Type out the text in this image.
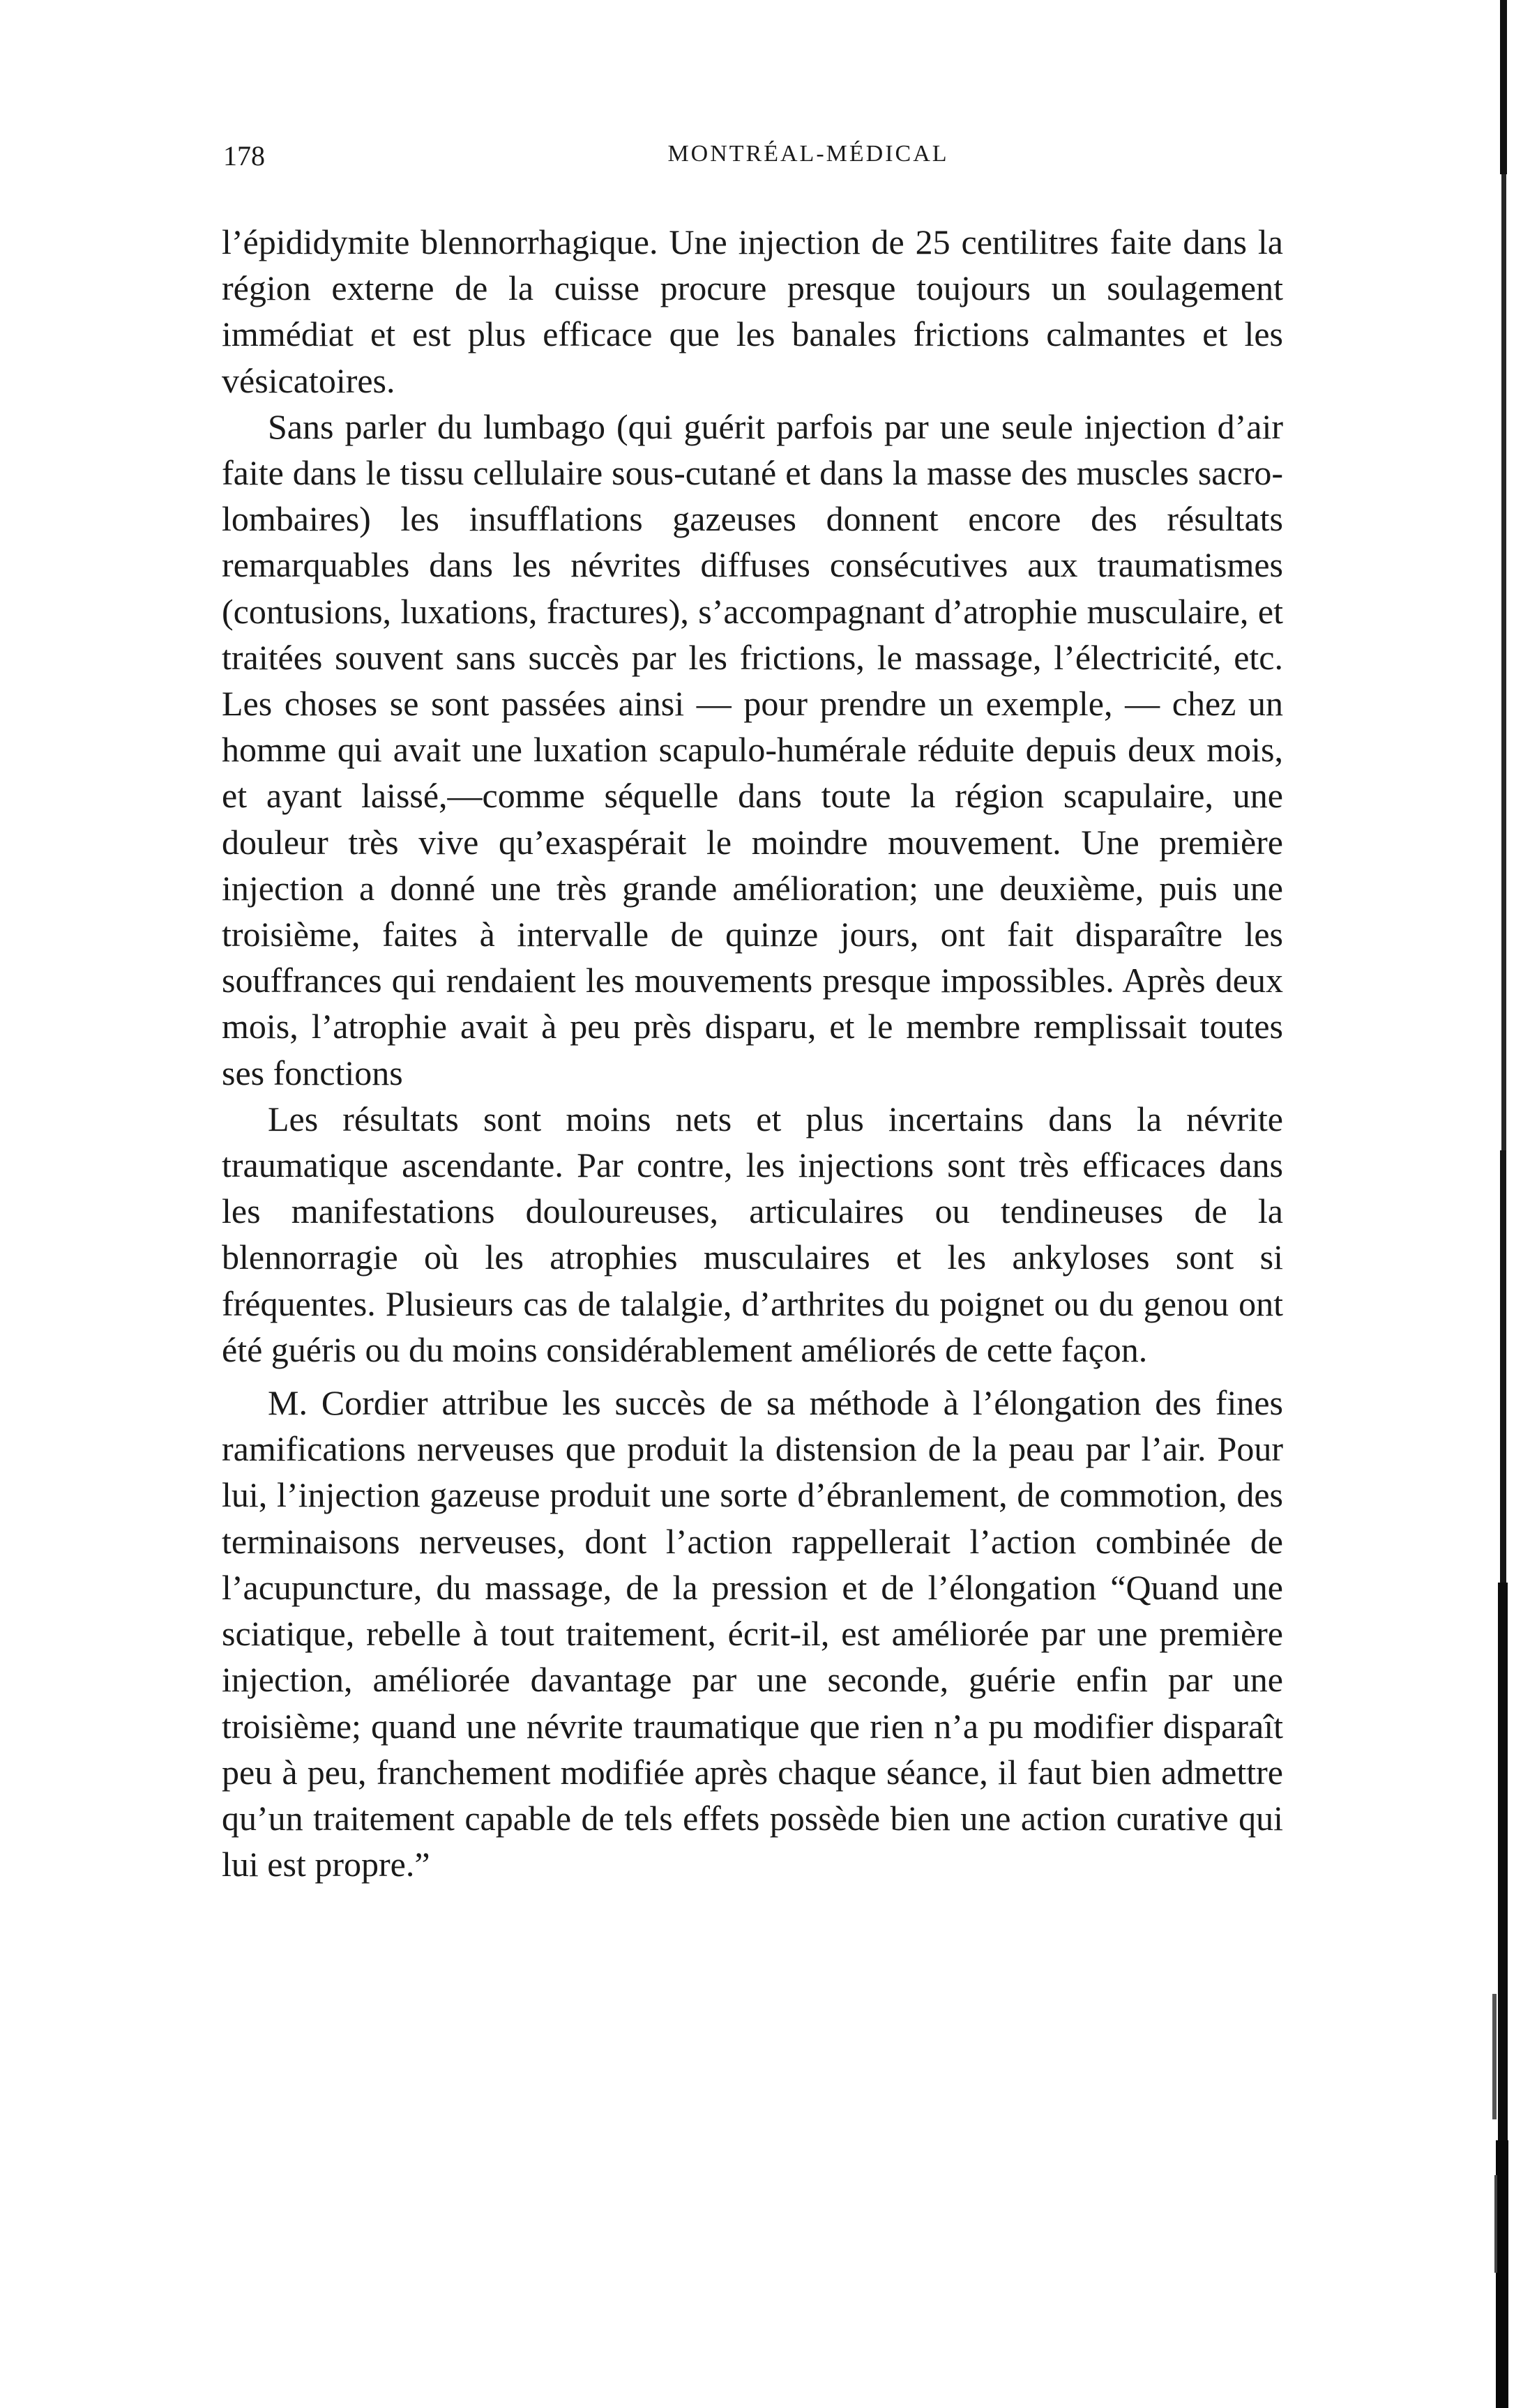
178	MONTRÉAL-MÉDICAL

l’épididymite blennorrhagique. Une injection de 25 centilitres faite dans la région externe de la cuisse procure presque toujours un soulagement immédiat et est plus efficace que les banales frictions calmantes et les vésicatoires.

Sans parler du lumbago (qui guérit parfois par une seule injection d’air faite dans le tissu cellulaire sous-cutané et dans la masse des muscles sacro-lombaires) les insufflations gazeuses donnent encore des résultats remarquables dans les névrites diffuses consécutives aux traumatismes (contusions, luxations, fractures), s’accompagnant d’atrophie musculaire, et traitées souvent sans succès par les frictions, le massage, l’électricité, etc. Les choses se sont passées ainsi — pour prendre un exemple, — chez un homme qui avait une luxation scapulo-humérale réduite depuis deux mois, et ayant laissé,—comme séquelle dans toute la région scapulaire, une douleur très vive qu’exaspérait le moindre mouvement. Une première injection a donné une très grande amélioration; une deuxième, puis une troisième, faites à intervalle de quinze jours, ont fait disparaître les souffrances qui rendaient les mouvements presque impossibles. Après deux mois, l’atrophie avait à peu près disparu, et le membre remplissait toutes ses fonctions

Les résultats sont moins nets et plus incertains dans la névrite traumatique ascendante. Par contre, les injections sont très efficaces dans les manifestations douloureuses, articulaires ou tendineuses de la blennorragie où les atrophies musculaires et les ankyloses sont si fréquentes. Plusieurs cas de talalgie, d’arthrites du poignet ou du genou ont été guéris ou du moins considérablement améliorés de cette façon.

M. Cordier attribue les succès de sa méthode à l’élongation des fines ramifications nerveuses que produit la distension de la peau par l’air. Pour lui, l’injection gazeuse produit une sorte d’ébranlement, de commotion, des terminaisons nerveuses, dont l’action rappellerait l’action combinée de l’acupuncture, du massage, de la pression et de l’élongation “Quand une sciatique, rebelle à tout traitement, écrit-il, est améliorée par une première injection, améliorée davantage par une seconde, guérie enfin par une troisième; quand une névrite traumatique que rien n’a pu modifier disparaît peu à peu, franchement modifiée après chaque séance, il faut bien admettre qu’un traitement capable de tels effets possède bien une action curative qui lui est propre.”
